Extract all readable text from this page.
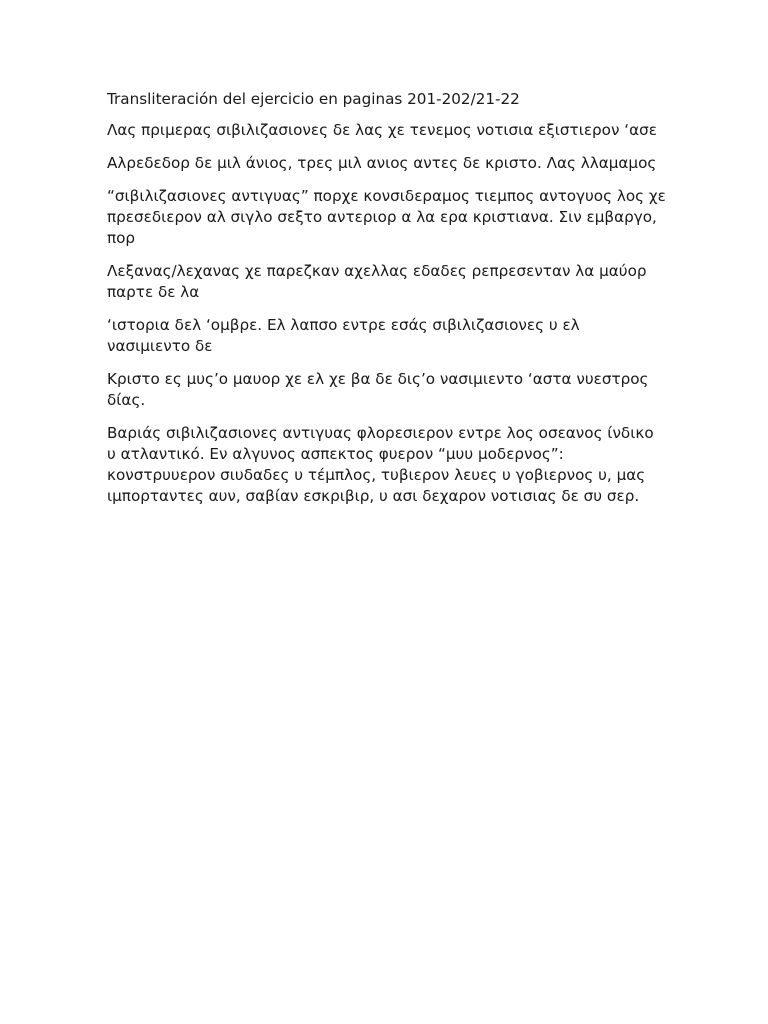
Transliteración del ejercicio en paginas 201-202/21-22

Λας πριμερας σιβιλιζασιονες δε λας χε τενεμος νοτισια εξιστιερον ‘ασε

Αλρεδεδορ δε μιλ άνιος, τρες μιλ ανιος αντες δε κριστο. Λας λλαμαμος

“σιβιλιζασιονες αντιγυας” πορχε κονσιδεραμος τιεμπος αντογυος λος χε
πρεσεδιερον αλ σιγλο σεξτο αντεριορ α λα ερα κριστιανα. Σιν εμβαργο,
πορ

Λεξανας/λεχανας χε παρεζκαν αχελλας εδαδες ρεπρεσενταν λα μαύορ
παρτε δε λα

‘ιστορια δελ ‘ομβρε. Ελ λαπσο εντρε εσάς σιβιλιζασιονες υ ελ
νασιμιεντο δε

Κριστο ες μυς’ο μαυορ χε ελ χε βα δε δις’ο νασιμιεντο ‘αστα νυεστρος
δίας.

Βαριάς σιβιλιζασιονες αντιγυας φλορεσιερον εντρε λος οσεανος ίνδικο
υ ατλαντικό. Εν αλγυνος ασπεκτος φυερον “μυυ μοδερνος”:
κονστρυυερον σιυδαδες υ τέμπλος, τυβιερον λευες υ γοβιερνος υ, μας
ιμπορταντες αυν, σαβίαν εσκριβιρ, υ ασι δεχαρον νοτισιας δε συ σερ.
